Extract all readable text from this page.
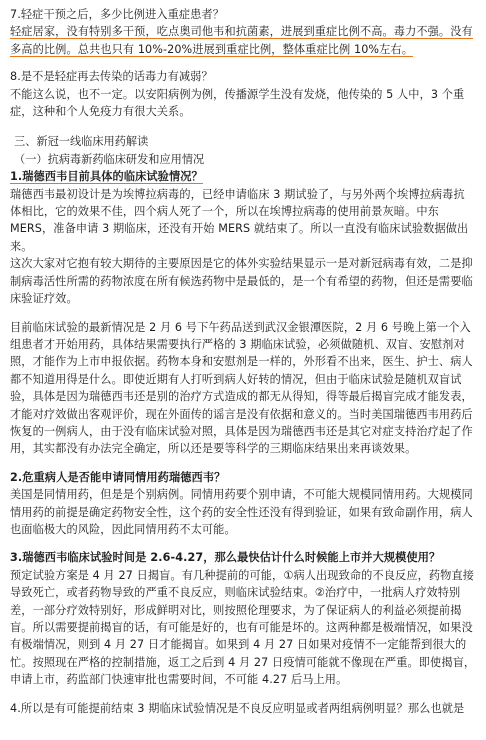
7.轻症干预之后，多少比例进入重症患者？

轻症居家，没有特别多干预，吃点奥司他韦和抗菌素，进展到重症比例不高。毒力不强。没有多高的比例。总共也只有 10%-20%进展到重症比例，整体重症比例 10%左右。

8.是不是轻症再去传染的话毒力有减弱？

不能这么说，也不一定。以安阳病例为例，传播源学生没有发烧，他传染的 5 人中，3 个重症，这种和个人免疫力有很大关系。

三、新冠一线临床用药解读

（一）抗病毒新药临床研发和应用情况

1.瑞德西韦目前具体的临床试验情况？

瑞德西韦最初设计是为埃博拉病毒的，已经申请临床 3 期试验了，与另外两个埃博拉病毒抗体相比，它的效果不佳，四个病人死了一个，所以在埃博拉病毒的使用前景灰暗。中东 MERS，准备申请 3 期临床，还没有开始 MERS 就结束了。所以一直没有临床试验数据做出来。

这次大家对它抱有较大期待的主要原因是它的体外实验结果显示一是对新冠病毒有效，二是抑制病毒活性所需的药物浓度在所有候选药物中是最低的，是一个有希望的药物，但还是需要临床验证疗效。

目前临床试验的最新情况是 2 月 6 号下午药品送到武汉金银潭医院，2 月 6 号晚上第一个入组患者才开始用药，具体结果需要执行严格的 3 期临床试验，必须做随机、双盲、安慰剂对照，才能作为上市申报依据。药物本身和安慰剂是一样的，外形看不出来，医生、护士、病人都不知道用得是什么。即使近期有人打听到病人好转的情况，但由于临床试验是随机双盲试验，具体是因为瑞德西韦还是别的治疗方式造成的都无从得知，得等最后揭盲完成才能发表，才能对疗效做出客观评价，现在外面传的谣言是没有依据和意义的。当时美国瑞德西韦用药后恢复的一例病人，由于没有临床试验对照，具体是因为瑞德西韦还是其它对症支持治疗起了作用，其实都没有办法完全确定，所以还是要等科学的三期临床结果出来再谈效果。

2.危重病人是否能申请同情用药瑞德西韦？

美国是同情用药，但是是个别病例。同情用药要个别申请，不可能大规模同情用药。大规模同情用药的前提是确定药物安全性，这个药的安全性还没有得到验证，如果有致命副作用，病人也面临极大的风险，因此同情用药不太可能。

3.瑞德西韦临床试验时间是 2.6-4.27，那么最快估计什么时候能上市并大规模使用？

预定试验方案是 4 月 27 日揭盲。有几种提前的可能，①病人出现致命的不良反应，药物直接导致死亡，或者药物导致的严重不良反应，则临床试验结束。②治疗中，一批病人疗效特别差，一部分疗效特别好，形成鲜明对比，则按照伦理要求，为了保证病人的利益必须提前揭盲。所以需要提前揭盲的话，有可能是好的，也有可能是坏的。这两种都是极端情况，如果没有极端情况，则到 4 月 27 日才能揭盲。如果到 4 月 27 日如果对疫情不一定能帮到很大的忙。按照现在严格的控制措施，返工之后到 4 月 27 日疫情可能就不像现在严重。即使揭盲，申请上市，药监部门快速审批也需要时间，不可能 4.27 后马上用。

4.所以是有可能提前结束 3 期临床试验情况是不良反应明显或者两组病例明显？那么也就是
